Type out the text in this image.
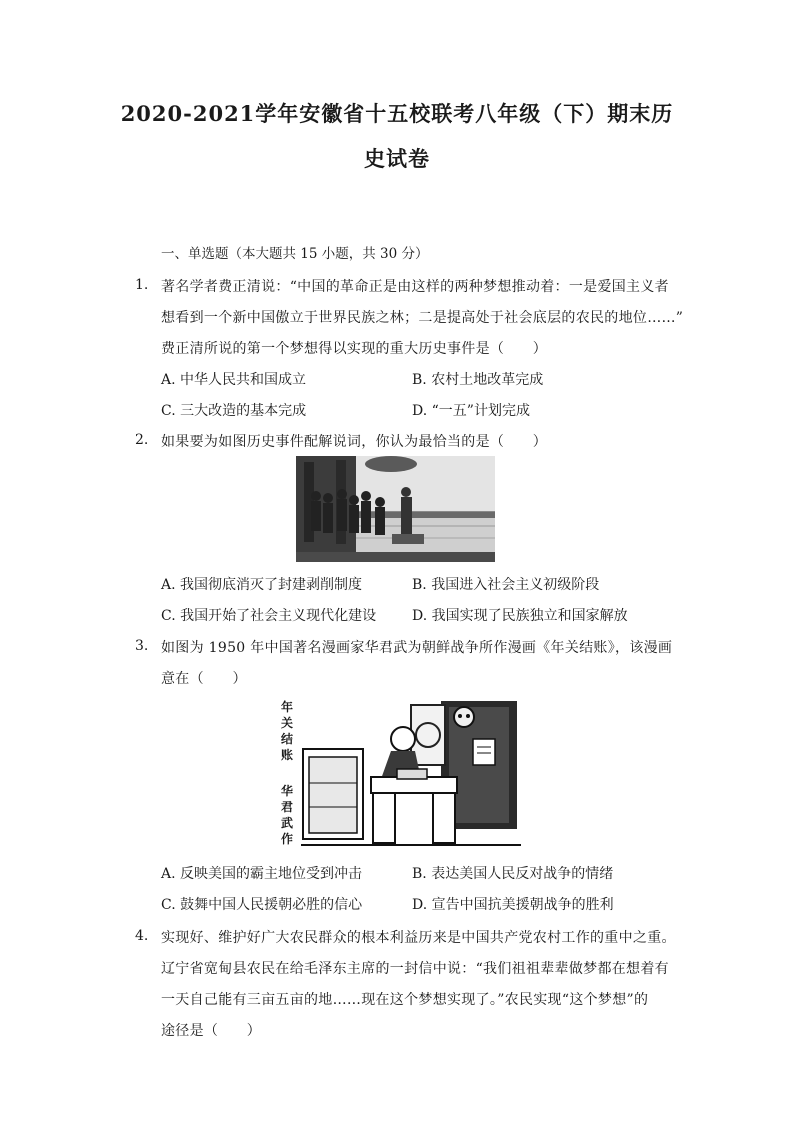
2020-2021学年安徽省十五校联考八年级（下）期末历
史试卷
一、单选题（本大题共 15 小题，共 30 分）
1. 著名学者费正清说：“中国的革命正是由这样的两种梦想推动着：一是爱国主义者
想看到一个新中国傲立于世界民族之林；二是提高处于社会底层的农民的地位……”
费正清所说的第一个梦想得以实现的重大历史事件是（　　）
A. 中华人民共和国成立	B. 农村土地改革完成
C. 三大改造的基本完成	D. “一五”计划完成
2. 如果要为如图历史事件配解说词，你认为最恰当的是（　　）
A. 我国彻底消灭了封建剥削制度	B. 我国进入社会主义初级阶段
C. 我国开始了社会主义现代化建设	D. 我国实现了民族独立和国家解放
3. 如图为 1950 年中国著名漫画家华君武为朝鲜战争所作漫画《年关结账》，该漫画
意在（　　）
年
关
结
账
华
君
武
作
A. 反映美国的霸主地位受到冲击	B. 表达美国人民反对战争的情绪
C. 鼓舞中国人民援朝必胜的信心	D. 宣告中国抗美援朝战争的胜利
4. 实现好、维护好广大农民群众的根本利益历来是中国共产党农村工作的重中之重。
辽宁省宽甸县农民在给毛泽东主席的一封信中说：“我们祖祖辈辈做梦都在想着有
一天自己能有三亩五亩的地……现在这个梦想实现了。”农民实现“这个梦想”的
途径是（　　）
